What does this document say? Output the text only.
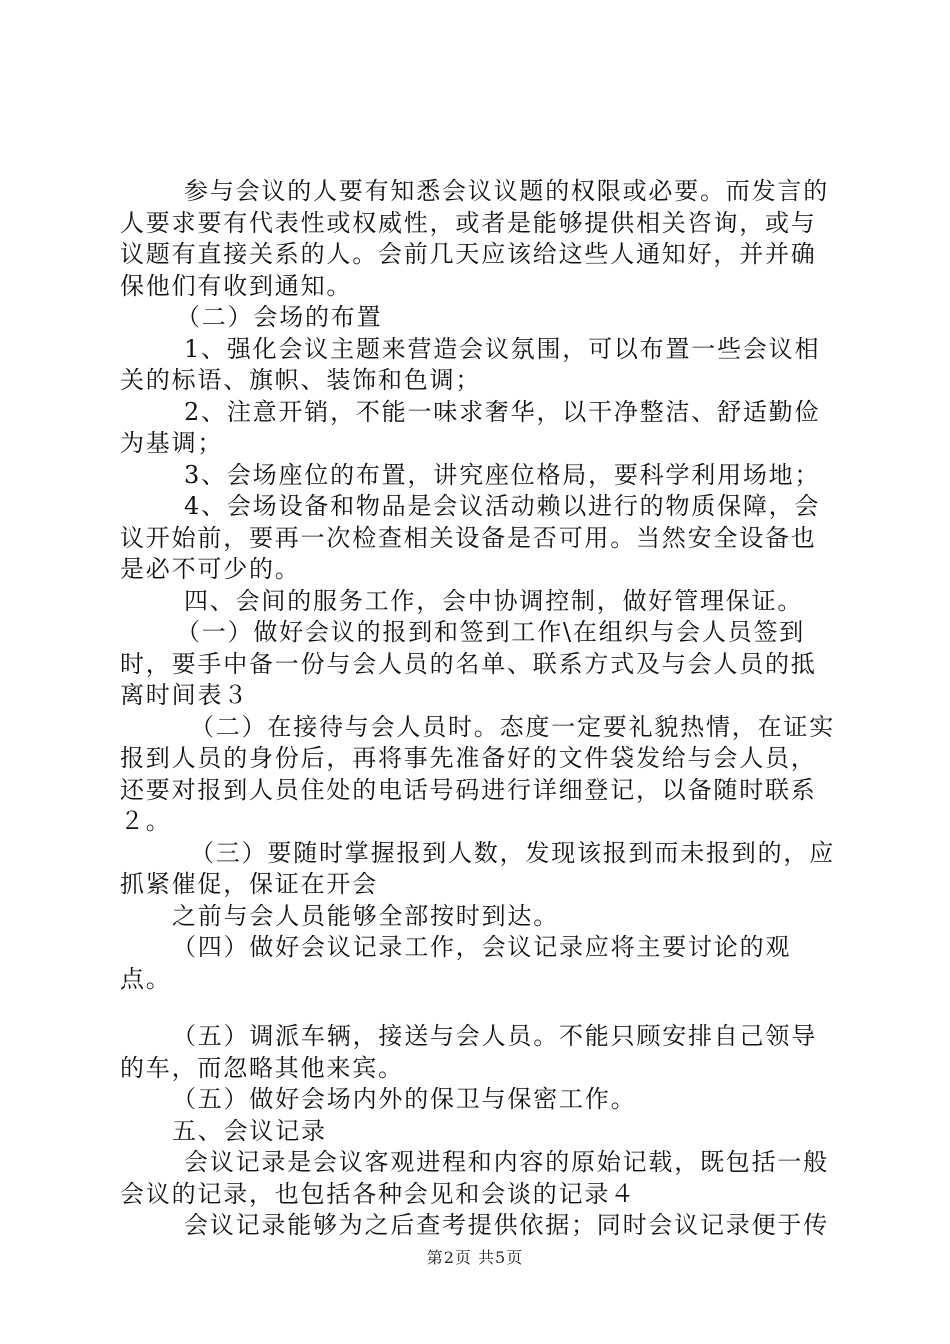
参与会议的人要有知悉会议议题的权限或必要。而发言的人要求要有代表性或权威性，或者是能够提供相关咨询，或与议题有直接关系的人。会前几天应该给这些人通知好，并并确保他们有收到通知。

（二）会场的布置

1、强化会议主题来营造会议氛围，可以布置一些会议相关的标语、旗帜、装饰和色调；

2、注意开销，不能一味求奢华，以干净整洁、舒适勤俭为基调；

3、会场座位的布置，讲究座位格局，要科学利用场地；

4、会场设备和物品是会议活动赖以进行的物质保障，会议开始前，要再一次检查相关设备是否可用。当然安全设备也是必不可少的。

四、会间的服务工作，会中协调控制，做好管理保证。

（一）做好会议的报到和签到工作\在组织与会人员签到时，要手中备一份与会人员的名单、联系方式及与会人员的抵离时间表３

（二）在接待与会人员时。态度一定要礼貌热情，在证实报到人员的身份后，再将事先准备好的文件袋发给与会人员，还要对报到人员住处的电话号码进行详细登记，以备随时联系２。

（三）要随时掌握报到人数，发现该报到而未报到的，应抓紧催促，保证在开会

之前与会人员能够全部按时到达。

（四）做好会议记录工作，会议记录应将主要讨论的观点。

（五）调派车辆，接送与会人员。不能只顾安排自己领导的车，而忽略其他来宾。

（五）做好会场内外的保卫与保密工作。

五、会议记录

会议记录是会议客观进程和内容的原始记载，既包括一般会议的记录，也包括各种会见和会谈的记录４

会议记录能够为之后查考提供依据；同时会议记录便于传

第2页 共5页
